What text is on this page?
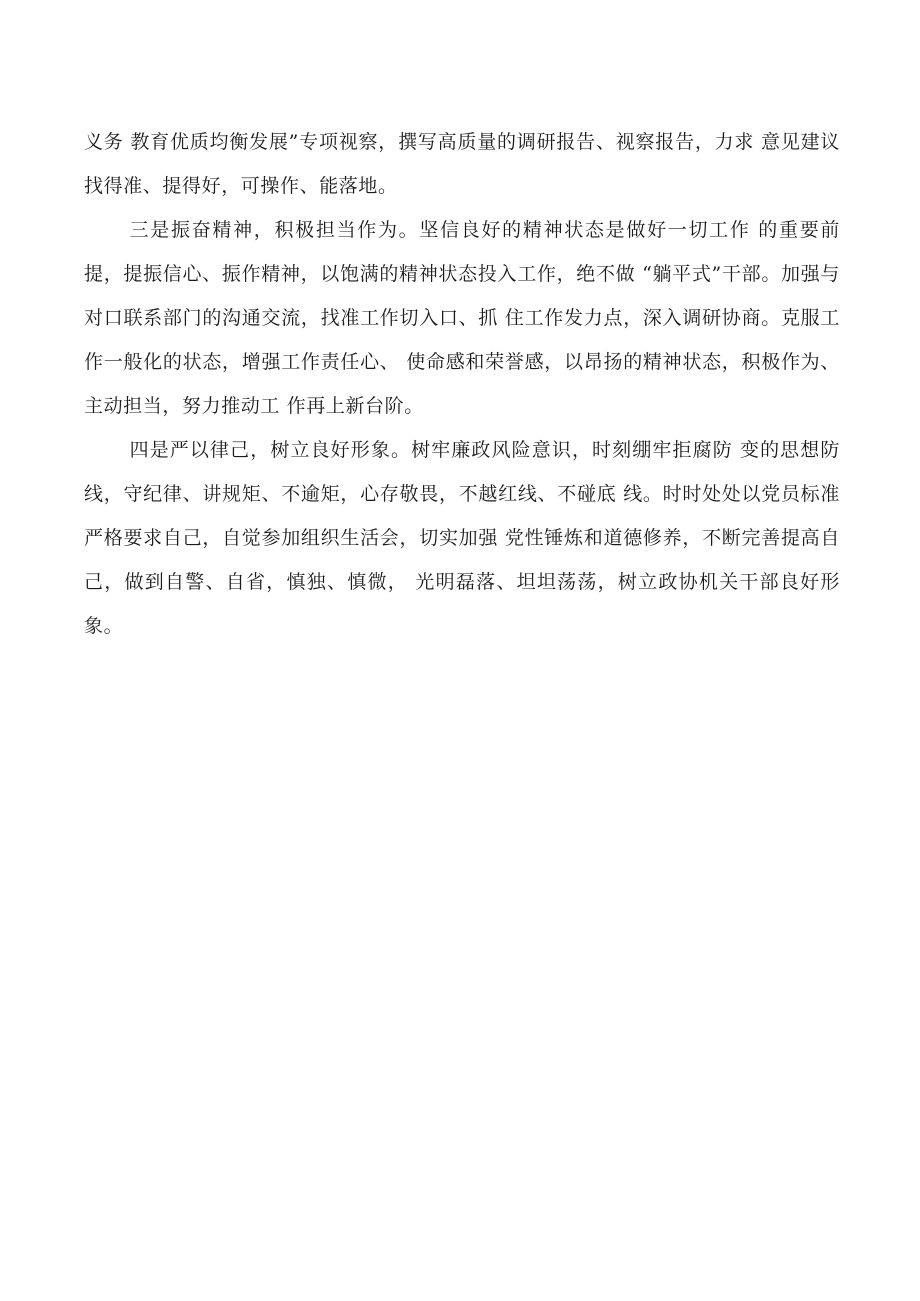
义务 教育优质均衡发展”专项视察，撰写高质量的调研报告、视察报告，力求 意见建议找得准、提得好，可操作、能落地。

三是振奋精神，积极担当作为。坚信良好的精神状态是做好一切工作 的重要前提，提振信心、振作精神，以饱满的精神状态投入工作，绝不做 “躺平式”干部。加强与对口联系部门的沟通交流，找准工作切入口、抓 住工作发力点，深入调研协商。克服工作一般化的状态，增强工作责任心、 使命感和荣誉感，以昂扬的精神状态，积极作为、主动担当，努力推动工 作再上新台阶。

四是严以律己，树立良好形象。树牢廉政风险意识，时刻绷牢拒腐防 变的思想防线，守纪律、讲规矩、不逾矩，心存敬畏，不越红线、不碰底 线。时时处处以党员标准严格要求自己，自觉参加组织生活会，切实加强 党性锤炼和道德修养，不断完善提高自己，做到自警、自省，慎独、慎微， 光明磊落、坦坦荡荡，树立政协机关干部良好形象。
